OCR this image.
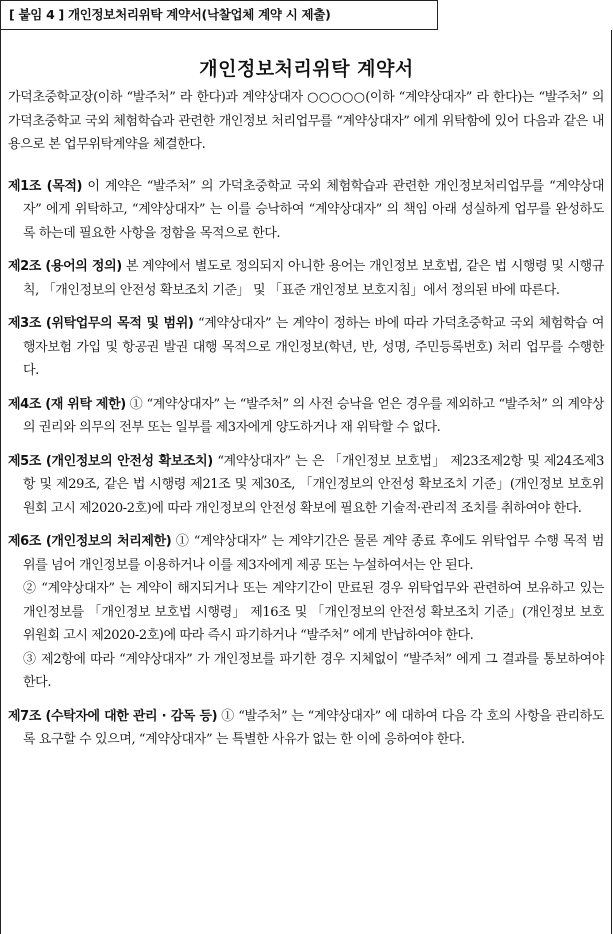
[ 붙임 4 ] 개인정보처리위탁 계약서(낙찰업체 계약 시 제출)
개인정보처리위탁 계약서
가덕초중학교장(이하 “발주처” 라 한다)과 계약상대자 ○○○○○(이하 “계약상대자” 라 한다)는 “발주처” 의 가덕초중학교 국외 체험학습과 관련한 개인정보 처리업무를 “계약상대자” 에게 위탁함에 있어 다음과 같은 내용으로 본 업무위탁계약을 체결한다.
제1조 (목적) 이 계약은 “발주처” 의 가덕초중학교 국외 체험학습과 관련한 개인정보처리업무를 “계약상대자” 에게 위탁하고, “계약상대자” 는 이를 승낙하여 “계약상대자” 의 책임 아래 성실하게 업무를 완성하도록 하는데 필요한 사항을 정함을 목적으로 한다.
제2조 (용어의 정의) 본 계약에서 별도로 정의되지 아니한 용어는 개인정보 보호법, 같은 법 시행령 및 시행규칙, 「개인정보의 안전성 확보조치 기준」 및 「표준 개인정보 보호지침」에서 정의된 바에 따른다.
제3조 (위탁업무의 목적 및 범위) “계약상대자” 는 계약이 정하는 바에 따라 가덕초중학교 국외 체험학습 여행자보험 가입 및 항공권 발권 대행 목적으로 개인정보(학년, 반, 성명, 주민등록번호) 처리 업무를 수행한다.
제4조 (재 위탁 제한) ① “계약상대자” 는 “발주처” 의 사전 승낙을 얻은 경우를 제외하고 “발주처” 의 계약상의 권리와 의무의 전부 또는 일부를 제3자에게 양도하거나 재 위탁할 수 없다.
제5조 (개인정보의 안전성 확보조치) “계약상대자” 는 은 「개인정보 보호법」 제23조제2항 및 제24조제3항 및 제29조, 같은 법 시행령 제21조 및 제30조, 「개인정보의 안전성 확보조치 기준」(개인정보 보호위원회 고시 제2020-2호)에 따라 개인정보의 안전성 확보에 필요한 기술적·관리적 조치를 취하여야 한다.
제6조 (개인정보의 처리제한) ① “계약상대자” 는 계약기간은 물론 계약 종료 후에도 위탁업무 수행 목적 범위를 넘어 개인정보를 이용하거나 이를 제3자에게 제공 또는 누설하여서는 안 된다.
② “계약상대자” 는 계약이 해지되거나 또는 계약기간이 만료된 경우 위탁업무와 관련하여 보유하고 있는 개인정보를 「개인정보 보호법 시행령」 제16조 및 「개인정보의 안전성 확보조치 기준」(개인정보 보호위원회 고시 제2020-2호)에 따라 즉시 파기하거나 “발주처” 에게 반납하여야 한다.
③ 제2항에 따라 “계약상대자” 가 개인정보를 파기한 경우 지체없이 “발주처” 에게 그 결과를 통보하여야 한다.
제7조 (수탁자에 대한 관리 · 감독 등) ① “발주처” 는 “계약상대자” 에 대하여 다음 각 호의 사항을 관리하도록 요구할 수 있으며, “계약상대자” 는 특별한 사유가 없는 한 이에 응하여야 한다.
